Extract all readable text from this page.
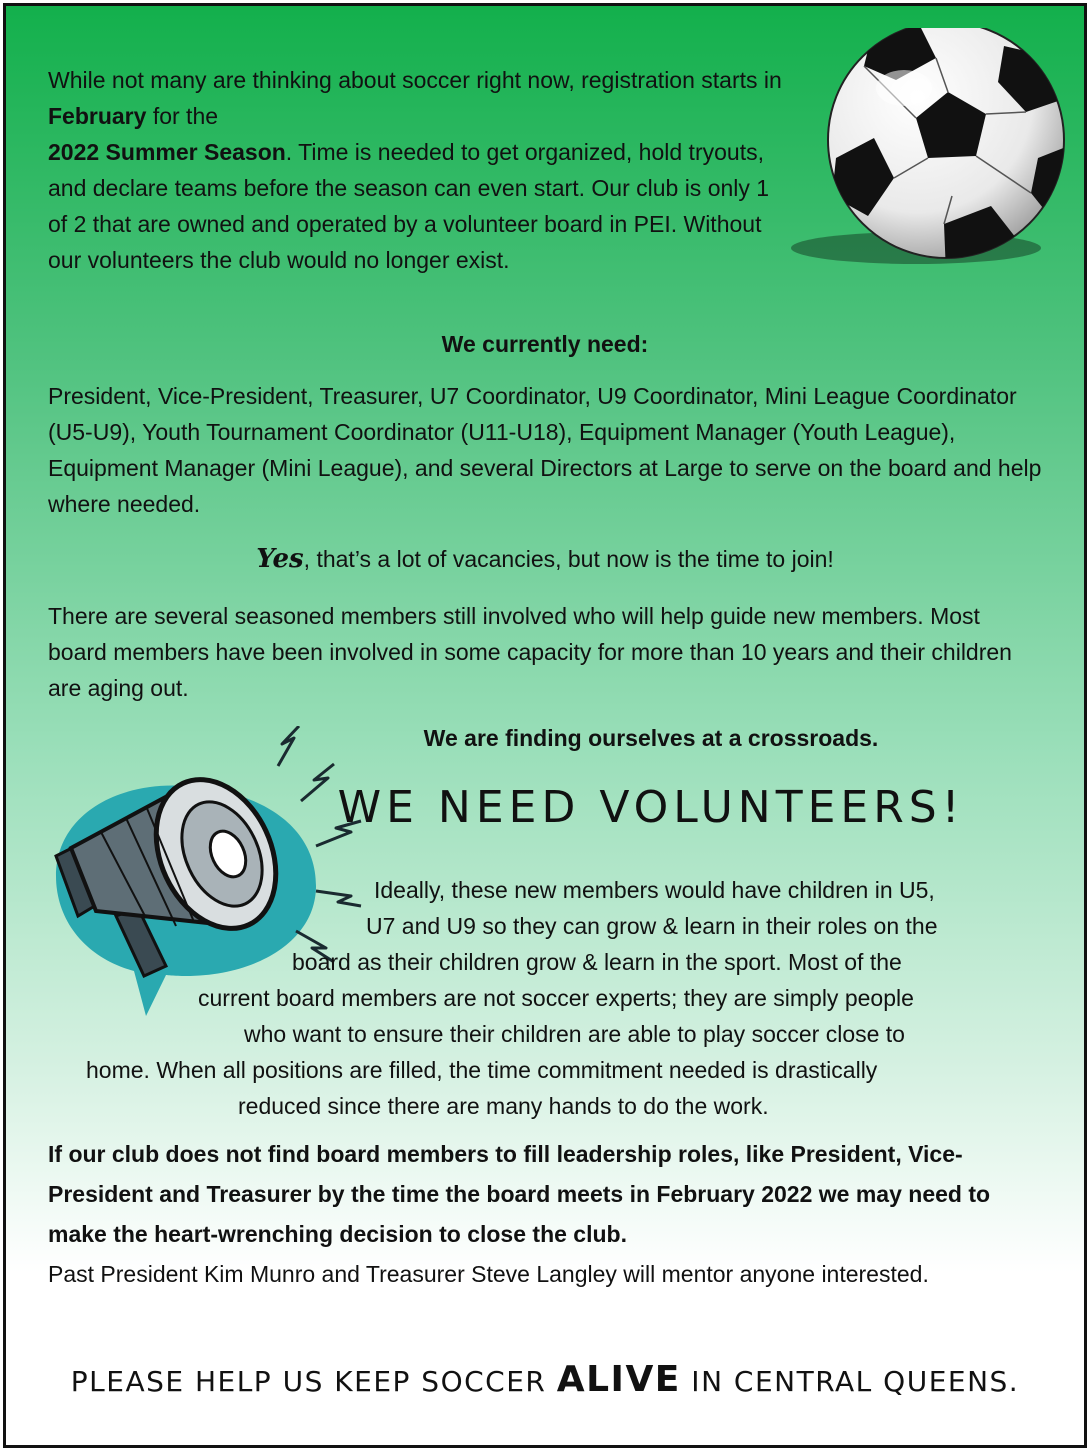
While not many are thinking about soccer right now, registration starts in February for the
2022 Summer Season. Time is needed to get organized, hold tryouts, and declare teams before the season can even start. Our club is only 1 of 2 that are owned and operated by a volunteer board in PEI. Without our volunteers the club would no longer exist.
We currently need:
President, Vice-President, Treasurer, U7 Coordinator, U9 Coordinator, Mini League Coordinator (U5-U9), Youth Tournament Coordinator (U11-U18), Equipment Manager (Youth League), Equipment Manager (Mini League), and several Directors at Large to serve on the board and help where needed.
Yes, that’s a lot of vacancies, but now is the time to join!
There are several seasoned members still involved who will help guide new members. Most board members have been involved in some capacity for more than 10 years and their children are aging out.
We are finding ourselves at a crossroads.
WE NEED VOLUNTEERS!
Ideally, these new members would have children in U5,
U7 and U9 so they can grow & learn in their roles on the
board as their children grow & learn in the sport. Most of the
current board members are not soccer experts; they are simply people
who want to ensure their children are able to play soccer close to
home. When all positions are filled, the time commitment needed is drastically
reduced since there are many hands to do the work.
If our club does not find board members to fill leadership roles, like President, Vice-President and Treasurer by the time the board meets in February 2022 we may need to make the heart-wrenching decision to close the club.
Past President Kim Munro and Treasurer Steve Langley will mentor anyone interested.
PLEASE HELP US KEEP SOCCER ALIVE IN CENTRAL QUEENS.
